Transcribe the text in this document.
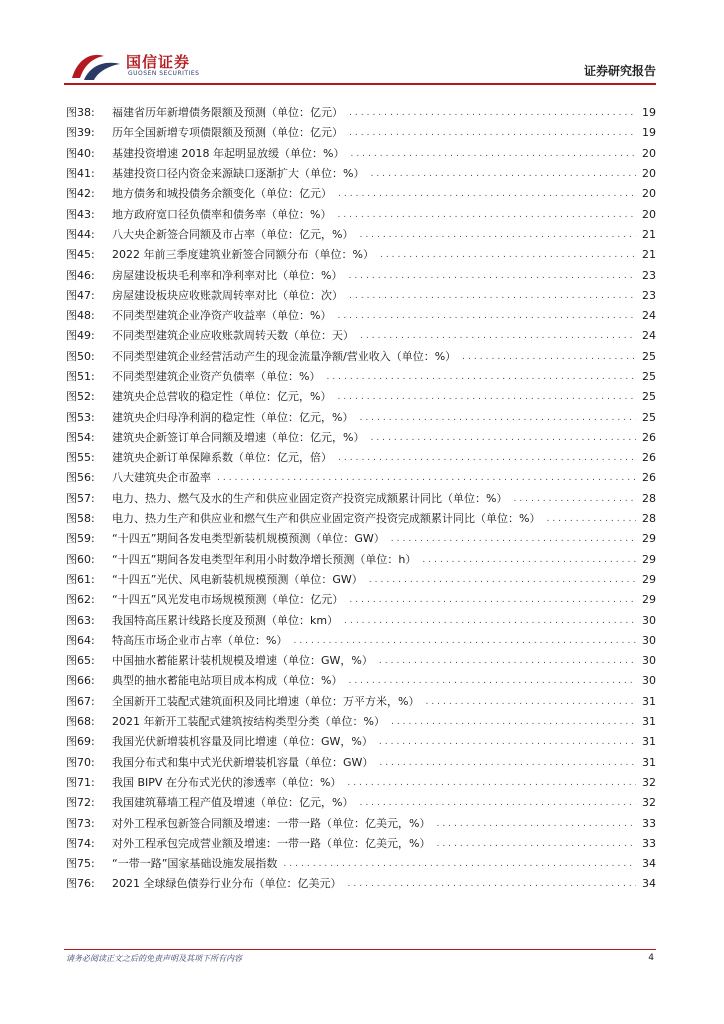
国信证券
GUOSEN SECURITIES	证券研究报告
图38:	福建省历年新增债务限额及预测（单位：亿元） .....	19
图39:	历年全国新增专项债限额及预测（单位：亿元） .....	19
图40:	基建投资增速 2018 年起明显放缓（单位：%） .....	20
图41:	基建投资口径内资金来源缺口逐渐扩大（单位：%） .....	20
图42:	地方债务和城投债务余额变化（单位：亿元） .....	20
图43:	地方政府宽口径负债率和债务率（单位：%） .....	20
图44:	八大央企新签合同额及市占率（单位：亿元，%） .....	21
图45:	2022 年前三季度建筑业新签合同额分布（单位：%） .....	21
图46:	房屋建设板块毛利率和净利率对比（单位：%） .....	23
图47:	房屋建设板块应收账款周转率对比（单位：次） .....	23
图48:	不同类型建筑企业净资产收益率（单位：%） .....	24
图49:	不同类型建筑企业应收账款周转天数（单位：天） .....	24
图50:	不同类型建筑企业经营活动产生的现金流量净额/营业收入（单位：%） .....	25
图51:	不同类型建筑企业资产负债率（单位：%） .....	25
图52:	建筑央企总营收的稳定性（单位：亿元，%） .....	25
图53:	建筑央企归母净利润的稳定性（单位：亿元，%） .....	25
图54:	建筑央企新签订单合同额及增速（单位：亿元，%） .....	26
图55:	建筑央企新订单保障系数（单位：亿元，倍） .....	26
图56:	八大建筑央企市盈率 .....	26
图57:	电力、热力、燃气及水的生产和供应业固定资产投资完成额累计同比（单位：%） .....	28
图58:	电力、热力生产和供应业和燃气生产和供应业固定资产投资完成额累计同比（单位：%） .....	28
图59:	“十四五”期间各发电类型新装机规模预测（单位：GW） .....	29
图60:	“十四五”期间各发电类型年利用小时数净增长预测（单位：h） .....	29
图61:	“十四五”光伏、风电新装机规模预测（单位：GW） .....	29
图62:	“十四五”风光发电市场规模预测（单位：亿元） .....	29
图63:	我国特高压累计线路长度及预测（单位：km） .....	30
图64:	特高压市场企业市占率（单位：%） .....	30
图65:	中国抽水蓄能累计装机规模及增速（单位：GW，%） .....	30
图66:	典型的抽水蓄能电站项目成本构成（单位：%） .....	30
图67:	全国新开工装配式建筑面积及同比增速（单位：万平方米，%） .....	31
图68:	2021 年新开工装配式建筑按结构类型分类（单位：%） .....	31
图69:	我国光伏新增装机容量及同比增速（单位：GW，%） .....	31
图70:	我国分布式和集中式光伏新增装机容量（单位：GW） .....	31
图71:	我国 BIPV 在分布式光伏的渗透率（单位：%） .....	32
图72:	我国建筑幕墙工程产值及增速（单位：亿元，%） .....	32
图73:	对外工程承包新签合同额及增速：一带一路（单位：亿美元，%） .....	33
图74:	对外工程承包完成营业额及增速：一带一路（单位：亿美元，%） .....	33
图75:	“一带一路”国家基础设施发展指数 .....	34
图76:	2021 全球绿色债券行业分布（单位：亿美元） .....	34
请务必阅读正文之后的免责声明及其项下所有内容	4
